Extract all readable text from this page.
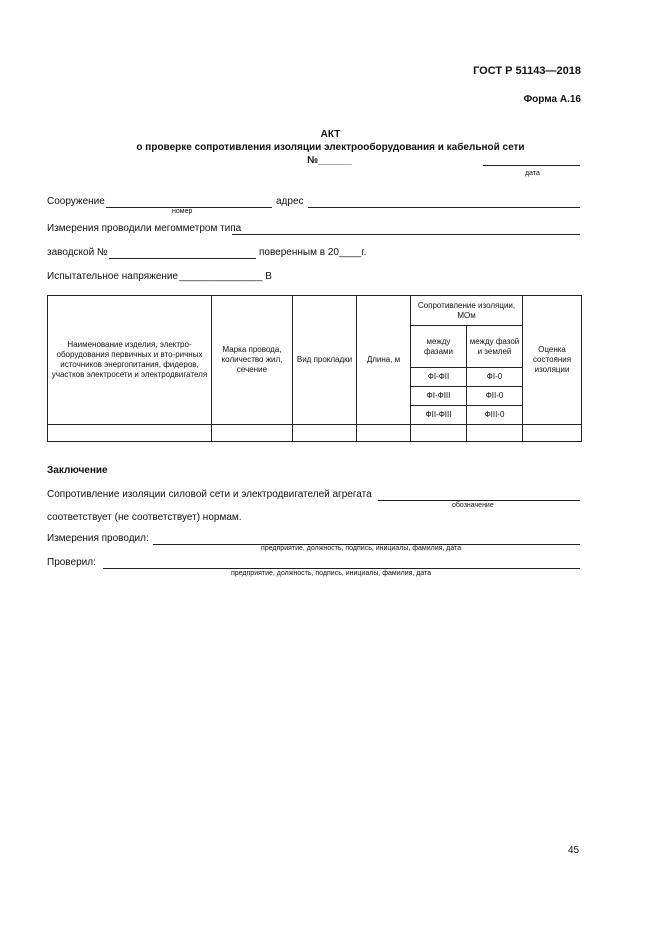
ГОСТ Р 51143—2018
Форма А.16
АКТ
о проверке сопротивления изоляции электрооборудования и кабельной сети
№______
дата
Сооружение
номер
адрес
Измерения проводили мегомметром типа
заводской №	поверенным в 20____г.
Испытательное напряжение _______________ В
Наименование изделия, электро-оборудования первичных и вто-ричных источников энергопитания, фидеров, участков электросети и электродвигателя	Марка провода, количество жил, сечение	Вид прокладки	Длина, м	Сопротивление изоляции, МОм		Оценка состояния изоляции
				между фазами	между фазой и землей	
				ФI-ФII	ФI-0	
				ФI-ФIII	ФII-0	
				ФII-ФIII	ФIII-0	

Заключение
Сопротивление изоляции силовой сети и электродвигателей агрегата
обозначение
соответствует (не соответствует) нормам.
Измерения проводил:
предприятие, должность, подпись, инициалы, фамилия, дата
Проверил:
предприятие, должность, подпись, инициалы, фамилия, дата
45
